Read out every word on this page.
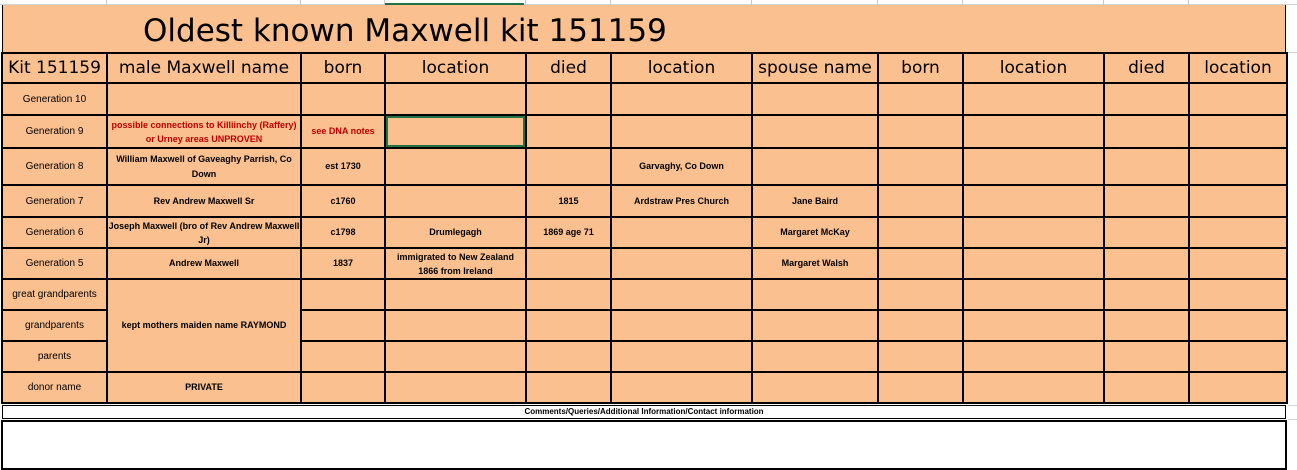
Oldest known Maxwell kit 151159
Kit 151159	male Maxwell name	born	location	died	location	spouse name	born	location	died	location
Generation 10										
Generation 9	possible connections to Killiinchy (Raffery) or Urney areas UNPROVEN	see DNA notes								
Generation 8	William Maxwell of Gaveaghy Parrish, Co Down	est 1730			Garvaghy, Co Down					
Generation 7	Rev Andrew Maxwell Sr	c1760		1815	Ardstraw Pres Church	Jane Baird				
Generation 6	Joseph Maxwell (bro of Rev Andrew Maxwell Jr)	c1798	Drumlegagh	1869 age 71		Margaret McKay				
Generation 5	Andrew Maxwell	1837	immigrated to New Zealand 1866 from Ireland			Margaret Walsh				
great grandparents	kept mothers maiden name RAYMOND									
grandparents										
parents										
donor name	PRIVATE									
Comments/Queries/Additional Information/Contact information
